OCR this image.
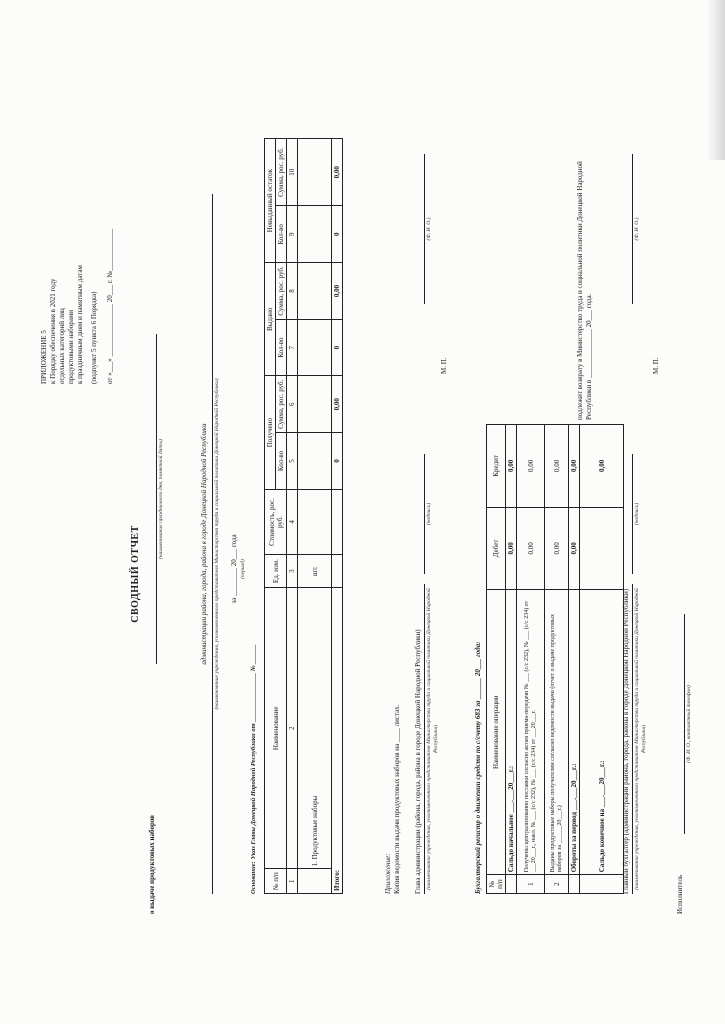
ПРИЛОЖЕНИЕ 5 к Порядку обеспечения в 2021 году отдельных категорий лиц продуктовыми наборами к праздничным дням и памятным датам (подпункт 5 пункта 6 Порядка) от «___» _______________ 20___ г. №____________
СВОДНЫЙ ОТЧЕТ
о выдаче продуктовых наборов
(наименование праздничного дня, памятной даты)	администрации района, города, района в городе Донецкой Народной Республики (наименование учреждения, уполномоченного представителя Министерства труда и социальной политики Донецкой Народной Республики) за ________ 20___ года (период)
Основание: Указ Главы Донецкой Народной Республики от _______________ № ______ № п/п	Наименование	Ед. изм.	Стоимость, рос. руб.	Получено		Выдано		Невыданный остаток	
				Кол-во	Сумма, рос. руб.	Кол-во	Сумма, рос. руб.	Кол-во	Сумма, рос. руб.
1	2	3	4	5	6	7	8	9	10
	1. Продуктовые наборы	шт.							
Итого:				0	0,00	0	0,00	0	0,00
Приложение: Копия ведомости выдачи продуктовых наборов на ____ листах. Глава администрации (района, города, района в городе Донецкой Народной Республики) (наименование учреждения, уполномоченного представителя Министерства труда и социальной политики Донецкой Народной Республики)
(подпись)
(Ф. И. О.)
М. П.
Бухгалтерский регистр о движении средств по с/счету 683 за ______ 20___ года: № п/п	Наименование операции	Дебет	Кредит
	Сальдо начальное ___.___20___г.:	0,00	0,00
1	Получены централизованно поставки согласно актам приема-передачи № ___ (с/с 232), № ___ (с/с 234) от ___20___г., накл. № ___ (с/с 232), № ___ (с/с 234) от ___20___г.	0,00	0,00
2	Выданы продуктовые наборы получателям согласно ведомости выдачи (отчет о выдаче продуктовых наборов за ______20___г.)	0,00	0,00
	Обороты за период ___.___20___г.:	0,00	0,00
	Сальдо конечное на ___.___20___г.:		0,00
подлежит возврату в Министерство труда и социальной политики Донецкой Народной Республики в ______________ 20___ года.
Главный бухгалтер (администрации района, города, района в городе Донецкой Народной Республики) (наименование учреждения, уполномоченного представителя Министерства труда и социальной политики Донецкой Народной Республики)
(подпись)
(Ф. И. О.)
М. П.
Исполнитель
(Ф. И. О., контактный телефон)
